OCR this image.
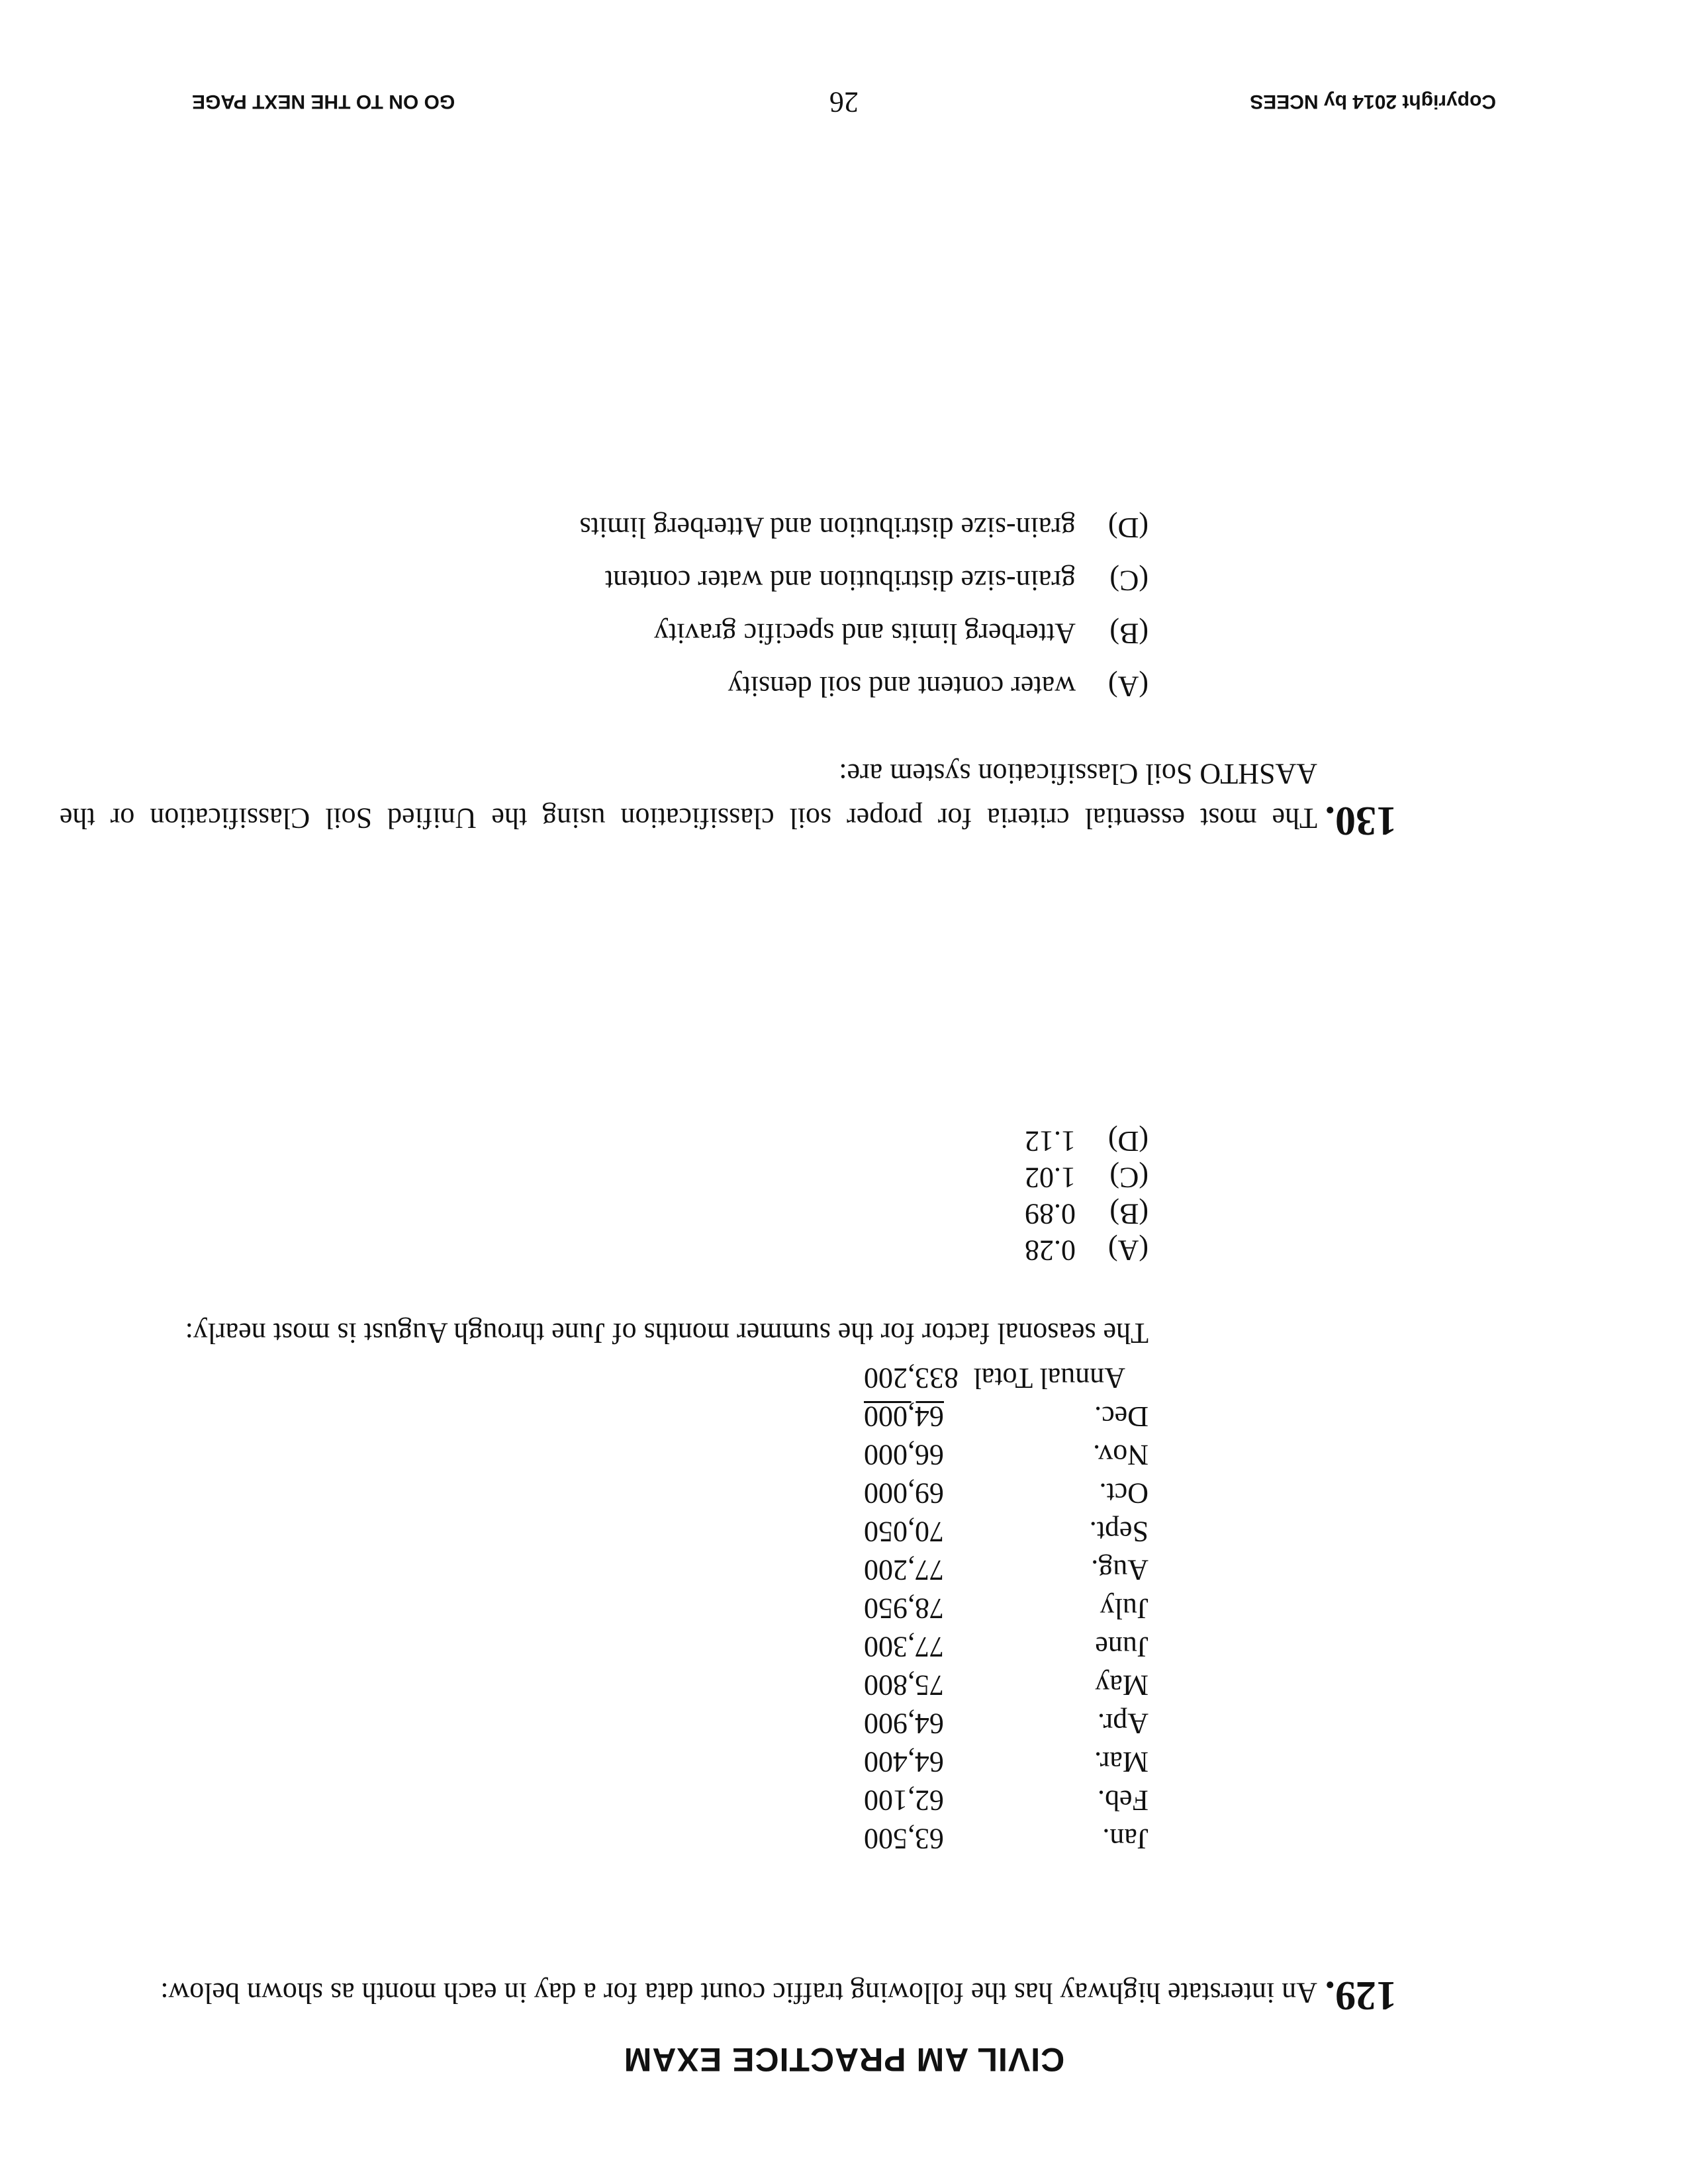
CIVIL AM PRACTICE EXAM
129.
An interstate highway has the following traffic count data for a day in each month as shown below:
Jan.
63,500
Feb.
62,100
Mar.
64,400
Apr.
64,900
May
75,800
June
77,300
July
78,950
Aug.
77,200
Sept.
70,050
Oct.
69,000
Nov.
66,000
Dec.
64,000
Annual Total
833,200
The seasonal factor for the summer months of June through August is most nearly:
(A)
0.28
(B)
0.89
(C)
1.02
(D)
1.12
130.
The most essential criteria for proper soil classification using the Unified Soil Classification or the AASHTO Soil Classification system are:
(A)
water content and soil density
(B)
Atterberg limits and specific gravity
(C)
grain-size distribution and water content
(D)
grain-size distribution and Atterberg limits
Copyright 2014 by NCEES
26
GO ON TO THE NEXT PAGE
